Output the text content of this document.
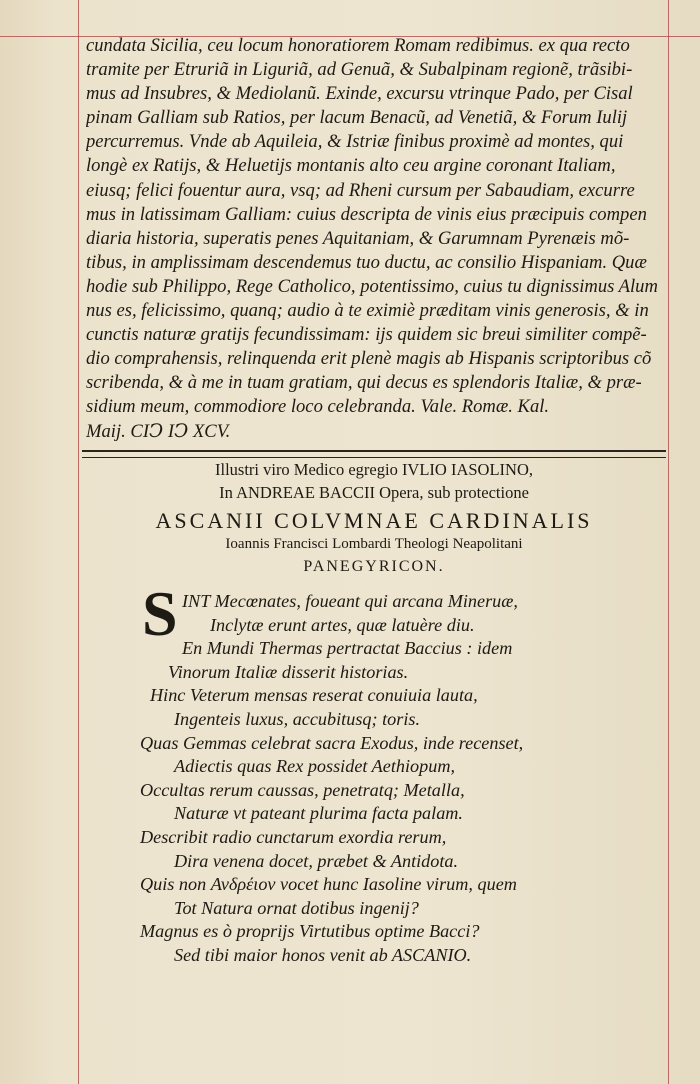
cundata Sicilia, ceu locum honoratiorem Romam redibimus. ex qua recto
tramite per Etruriã in Liguriã, ad Genuã, & Subalpinam regionẽ, trãsibi-
mus ad Insubres, & Mediolanũ. Exinde, excursu vtrinque Pado, per Cisal
pinam Galliam sub Ratios, per lacum Benacũ, ad Venetiã, & Forum Iulij
percurremus. Vnde ab Aquileia, & Istriæ finibus proximè ad montes, qui
longè ex Ratijs, & Heluetijs montanis alto ceu argine coronant Italiam,
eiusq; felici fouentur aura, vsq; ad Rheni cursum per Sabaudiam, excurre
mus in latissimam Galliam: cuius descripta de vinis eius præcipuis compen
diaria historia, superatis penes Aquitaniam, & Garumnam Pyrenæis mõ-
tibus, in amplissimam descendemus tuo ductu, ac consilio Hispaniam. Quæ
hodie sub Philippo, Rege Catholico, potentissimo, cuius tu dignissimus Alum
nus es, felicissimo, quanq; audio à te eximiè præditam vinis generosis, & in
cunctis naturæ gratijs fecundissimam: ijs quidem sic breui similiter compẽ-
dio comprahensis, relinquenda erit plenè magis ab Hispanis scriptoribus cõ
scribenda, & à me in tuam gratiam, qui decus es splendoris Italiæ, & præ-
sidium meum, commodiore loco celebranda. Vale. Romæ. Kal.
Maij. CIↃ IↃ XCV.
Illustri viro Medico egregio IVLIO IASOLINO,
In ANDREAE BACCII Opera, sub protectione
ASCANII COLVMNAE CARDINALIS
Ioannis Francisci Lombardi Theologi Neapolitani
PANEGYRICON.
S INT Mecœnates, foueant qui arcana Mineruæ,
Inclytæ erunt artes, quæ latuère diu.
En Mundi Thermas pertractat Baccius : idem
Vinorum Italiæ disserit historias.
Hinc Veterum mensas reserat conuiuia lauta,
Ingenteis luxus, accubitusq; toris.
Quas Gemmas celebrat sacra Exodus, inde recenset,
Adiectis quas Rex possidet Aethiopum,
Occultas rerum caussas, penetratq; Metalla,
Naturæ vt pateant plurima facta palam.
Describit radio cunctarum exordia rerum,
Dira venena docet, præbet & Antidota.
Quis non Ανδρέιον vocet hunc Iasoline virum, quem
Tot Natura ornat dotibus ingenij?
Magnus es ò proprijs Virtutibus optime Bacci?
Sed tibi maior honos venit ab ASCANIO.
